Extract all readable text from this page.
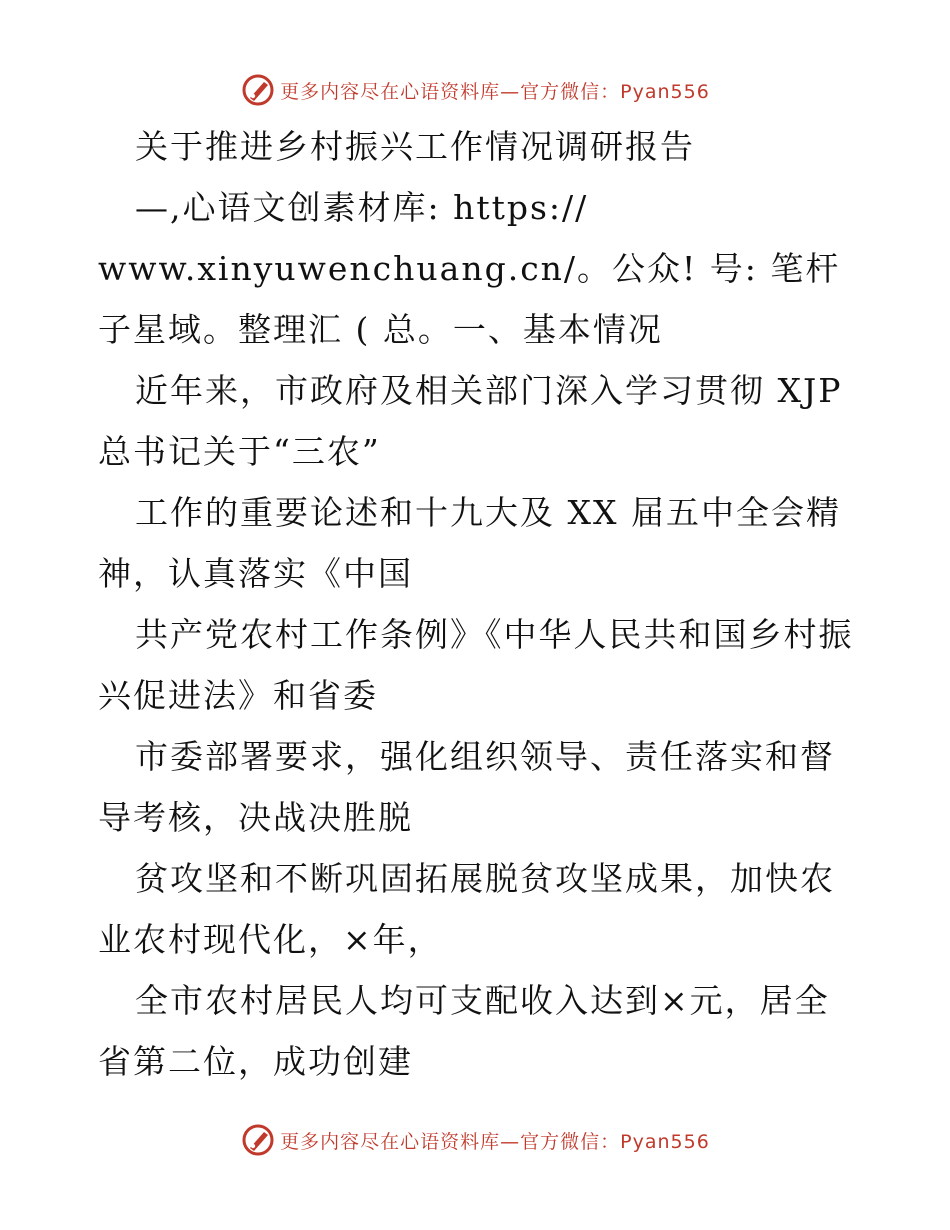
更多内容尽在心语资料库—官方微信：Pyan556

关于推进乡村振兴工作情况调研报告

—,心语文创素材库: https://
www.xinyuwenchuang.cn/。公众! 号: 笔杆子星域。整理汇 ( 总。一、基本情况

近年来，市政府及相关部门深入学习贯彻 XJP 总书记关于“三农”

工作的重要论述和十九大及 XX 届五中全会精神，认真落实《中国

共产党农村工作条例》《中华人民共和国乡村振兴促进法》和省委

市委部署要求，强化组织领导、责任落实和督导考核，决战决胜脱

贫攻坚和不断巩固拓展脱贫攻坚成果，加快农业农村现代化，×年，

全市农村居民人均可支配收入达到×元，居全省第二位，成功创建

更多内容尽在心语资料库—官方微信：Pyan556
